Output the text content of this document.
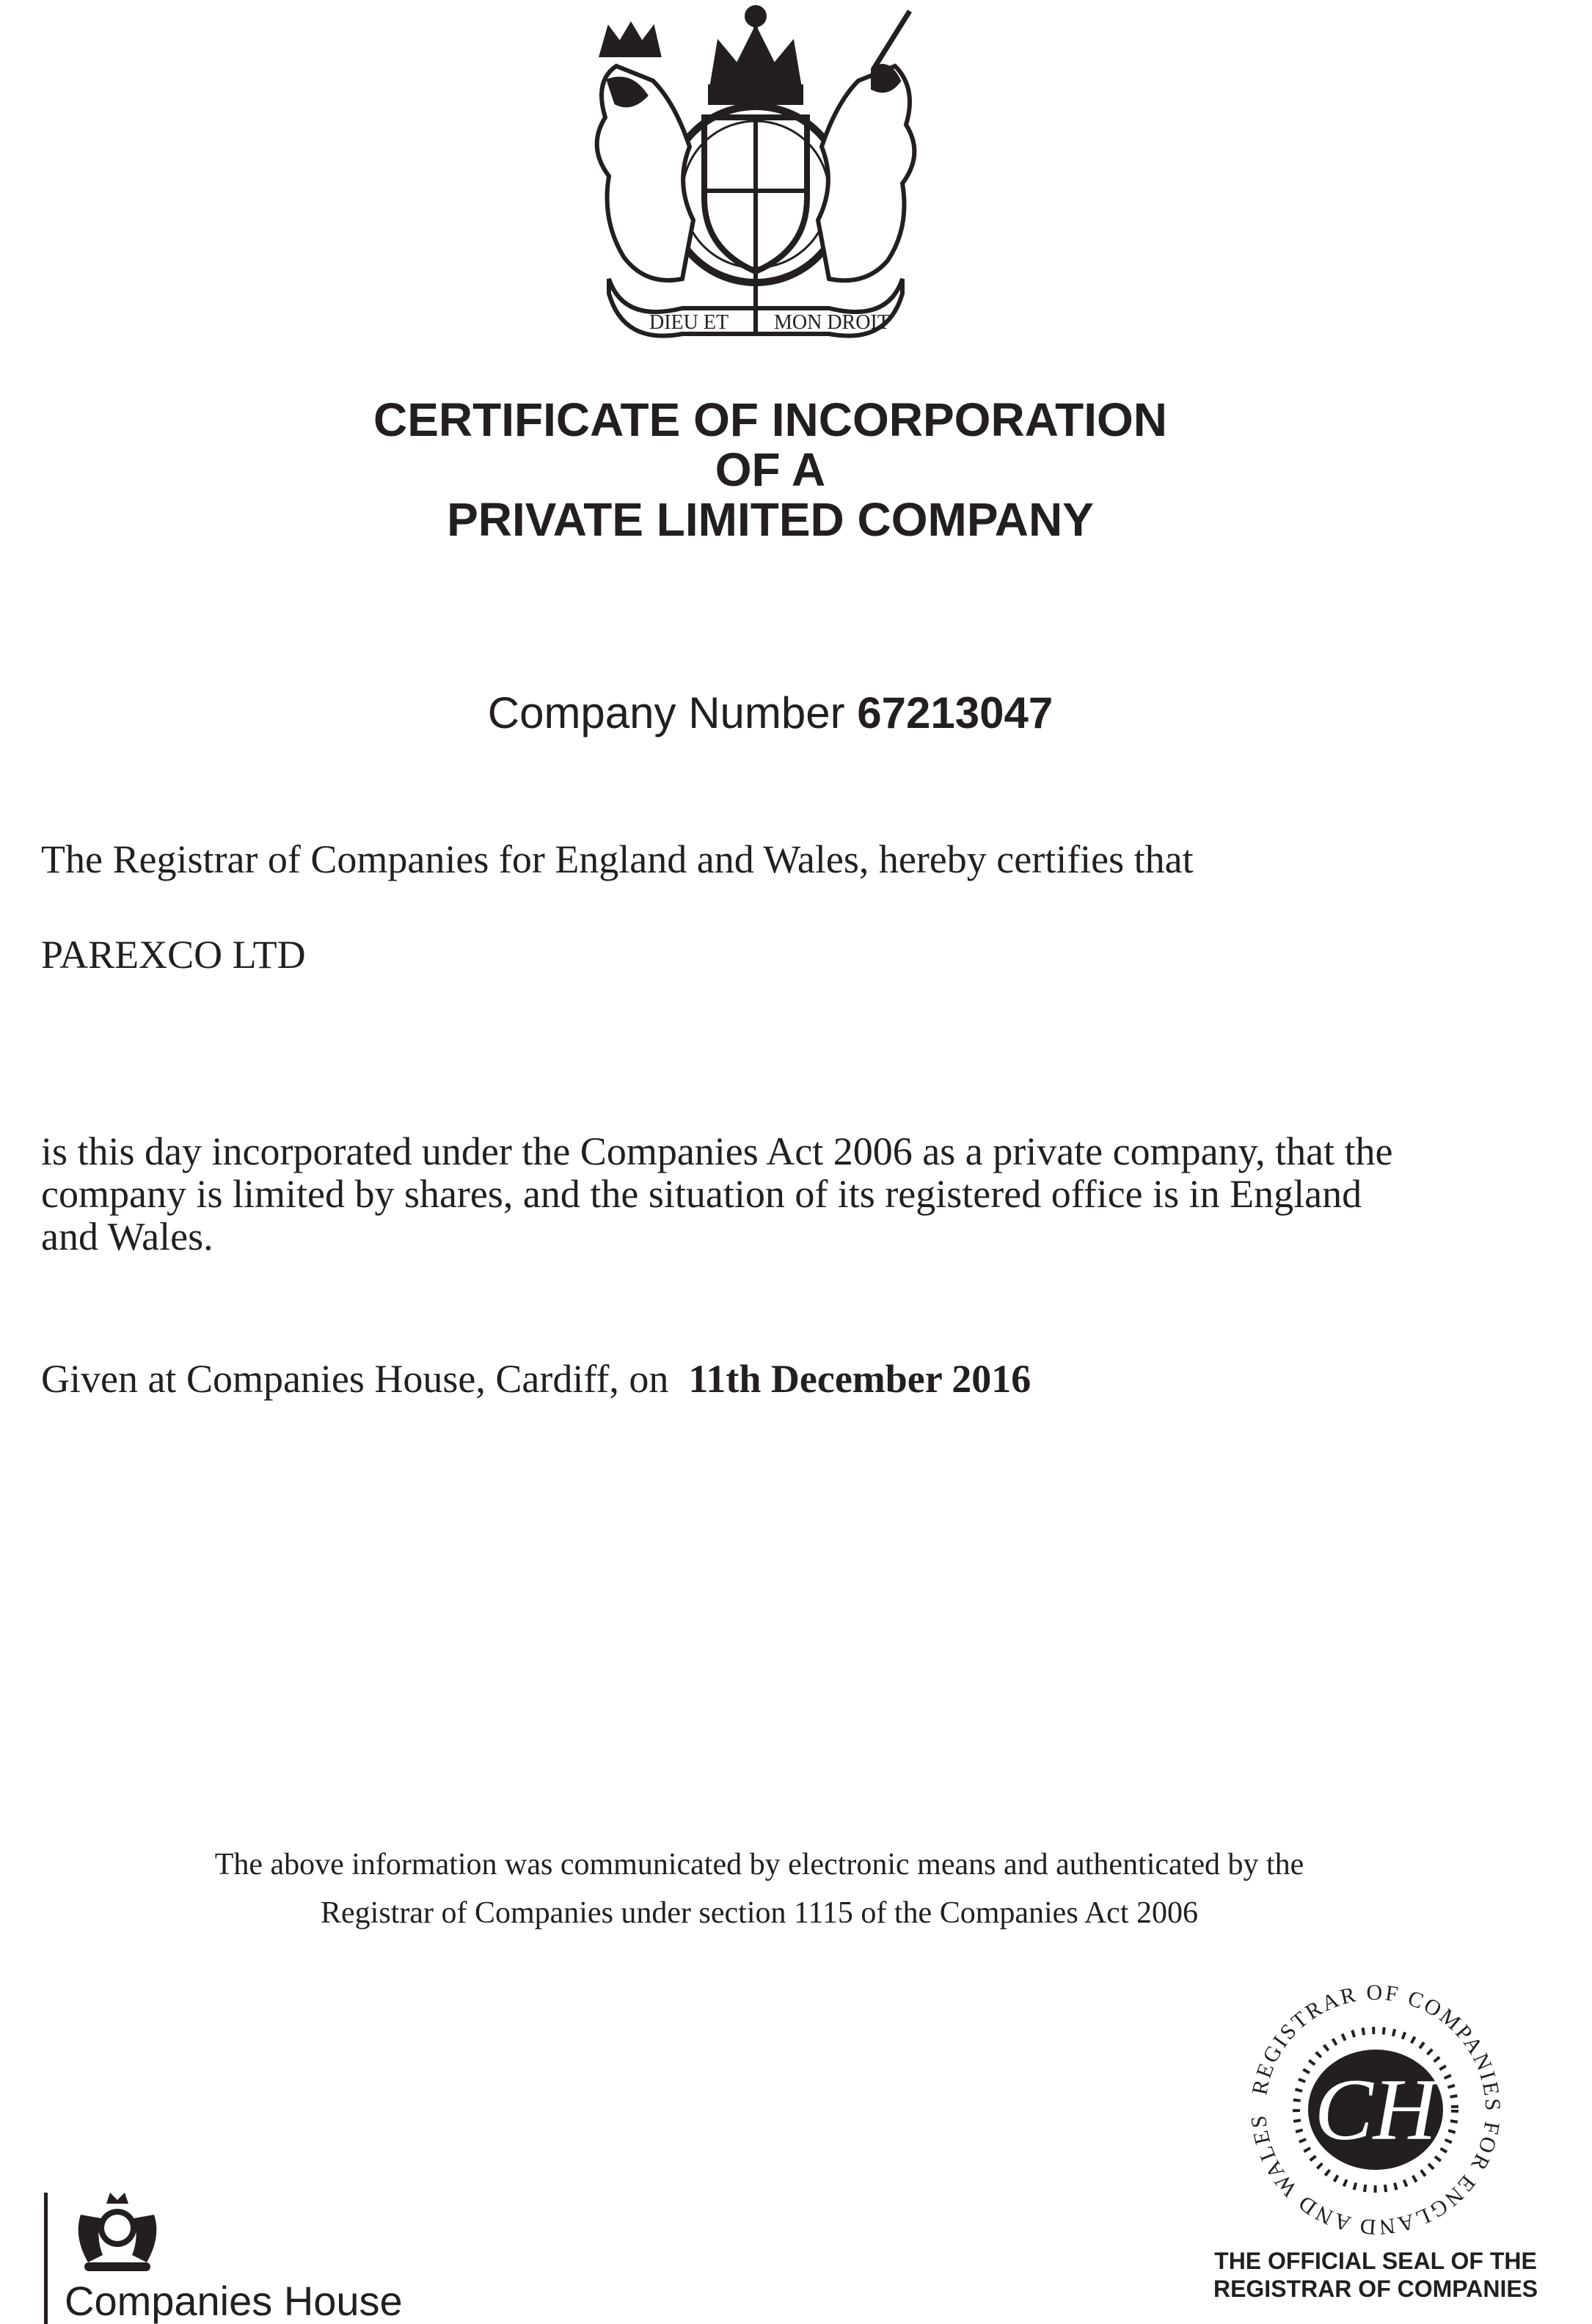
DIEU ET MON DROIT
CERTIFICATE OF INCORPORATION
OF A
PRIVATE LIMITED COMPANY
Company Number 67213047
The Registrar of Companies for England and Wales, hereby certifies that
PAREXCO LTD
is this day incorporated under the Companies Act 2006 as a private company, that the
company is limited by shares, and the situation of its registered office is in England
and Wales.
Given at Companies House, Cardiff, on 11th December 2016
The above information was communicated by electronic means and authenticated by the
Registrar of Companies under section 1115 of the Companies Act 2006
REGISTRAR OF COMPANIES FOR ENGLAND AND WALES CH
THE OFFICIAL SEAL OF THE
REGISTRAR OF COMPANIES
Companies House
